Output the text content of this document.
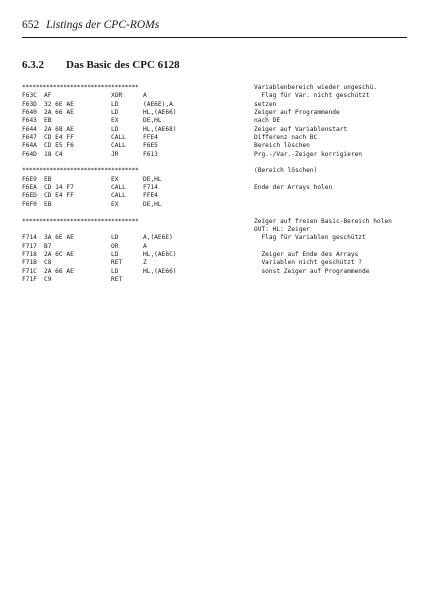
652 Listings der CPC-ROMs
6.3.2 Das Basic des CPC 6128

**********************************

	Variablenbereich wieder ungeschü.

F63C AF	XOR	A	Flag für Var. nicht geschützt
F63D 32 6E AE	LD	(AE6E),A	setzen
F640 2A 66 AE	LD	HL,(AE66)	Zeiger auf Programmende
F643 EB	EX	DE,HL	nach DE
F644 2A 68 AE	LD	HL,(AE68)	Zeiger auf Variablenstart
F647 CD E4 FF	CALL	FFE4	Differenz nach BC
F64A CD E5 F6	CALL	F6E5	Bereich löschen
F64D 18 C4	JR	F613	Prg.-/Var.-Zeiger korrigieren

**********************************

	(Bereich löschen)

F6E9 EB	EX	DE,HL
F6EA CD 14 F7	CALL	F714	Ende der Arrays holen
F6ED CD E4 FF	CALL	FFE4
F6F0 EB	EX	DE,HL

**********************************

	Zeiger auf freien Basic-Bereich holen

OUT: HL: Zeiger

F714 3A 6E AE	LD	A,(AE6E)	Flag für Variablen geschützt
F717 B7	OR	A
F718 2A 6C AE	LD	HL,(AE6C)	Zeiger auf Ende des Arrays
F71B C8	RET	Z	Variablen nicht geschützt ?
F71C 2A 66 AE	LD	HL,(AE66)	sonst Zeiger auf Programmende
F71F C9	RET
